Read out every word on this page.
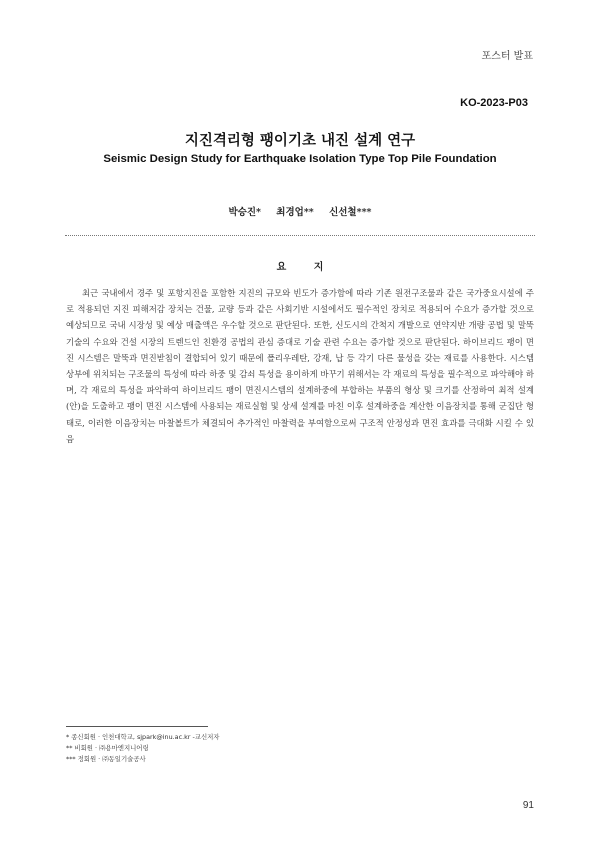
포스터 발표
KO-2023-P03
지진격리형 팽이기초 내진 설계 연구
Seismic Design Study for Earthquake Isolation Type Top Pile Foundation
박승진* 최경업** 신선철***
요 지

최근 국내에서 경주 및 포항지진을 포함한 지진의 규모와 빈도가 증가함에 따라 기존 원전구조물과 같은 국가중요시설에 주로 적용되던 지진 피해저감 장치는 건물, 교량 등과 같은 사회기반 시설에서도 필수적인 장치로 적용되어 수요가 증가할 것으로 예상되므로 국내 시장성 및 예상 매출액은 우수할 것으로 판단된다. 또한, 신도시의 간척지 개발으로 연약지반 개량 공법 및 말뚝 기술의 수요와 건설 시장의 트렌드인 친환경 공법의 관심 증대로 기술 관련 수요는 증가할 것으로 판단된다. 하이브리드 팽이 면진 시스템은 말뚝과 면진받침이 결합되어 있기 때문에 폴리우레탄, 강재, 납 등 각기 다른 물성을 갖는 재료를 사용한다. 시스템 상부에 위치되는 구조물의 특성에 따라 하중 및 감쇠 특성을 용이하게 바꾸기 위해서는 각 재료의 특성을 필수적으로 파악해야 하며, 각 재료의 특성을 파악하여 하이브리드 팽이 면진시스템의 설계하중에 부합하는 부품의 형상 및 크기를 산정하여 최적 설계(안)을 도출하고 팽이 면진 시스템에 사용되는 재료실험 및 상세 설계를 마친 이후 설계하중을 계산한 이음장치를 통해 군집단 형태로, 이러한 이음장치는 마찰볼트가 체결되어 추가적인 마찰력을 부여함으로써 구조적 안정성과 면진 효과를 극대화 시킬 수 있음

* 종신회원 · 인천대학교, sjpark@inu.ac.kr -교신저자
** 비회원 · ㈜용마엔지니어링
*** 정회원 · ㈜동일기술공사
91
